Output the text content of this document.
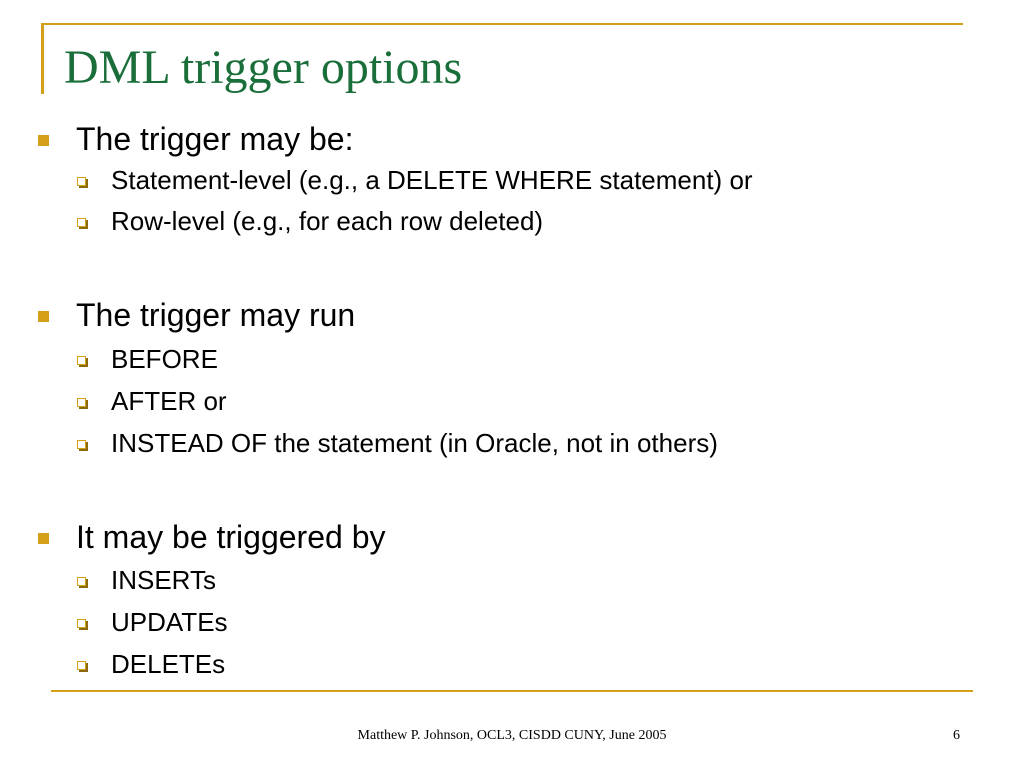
DML trigger options
The trigger may be:
Statement-level (e.g., a DELETE WHERE statement) or
Row-level (e.g., for each row deleted)
The trigger may run
BEFORE
AFTER or
INSTEAD OF the statement (in Oracle, not in others)
It may be triggered by
INSERTs
UPDATEs
DELETEs
Matthew P. Johnson, OCL3, CISDD CUNY, June 2005	6
